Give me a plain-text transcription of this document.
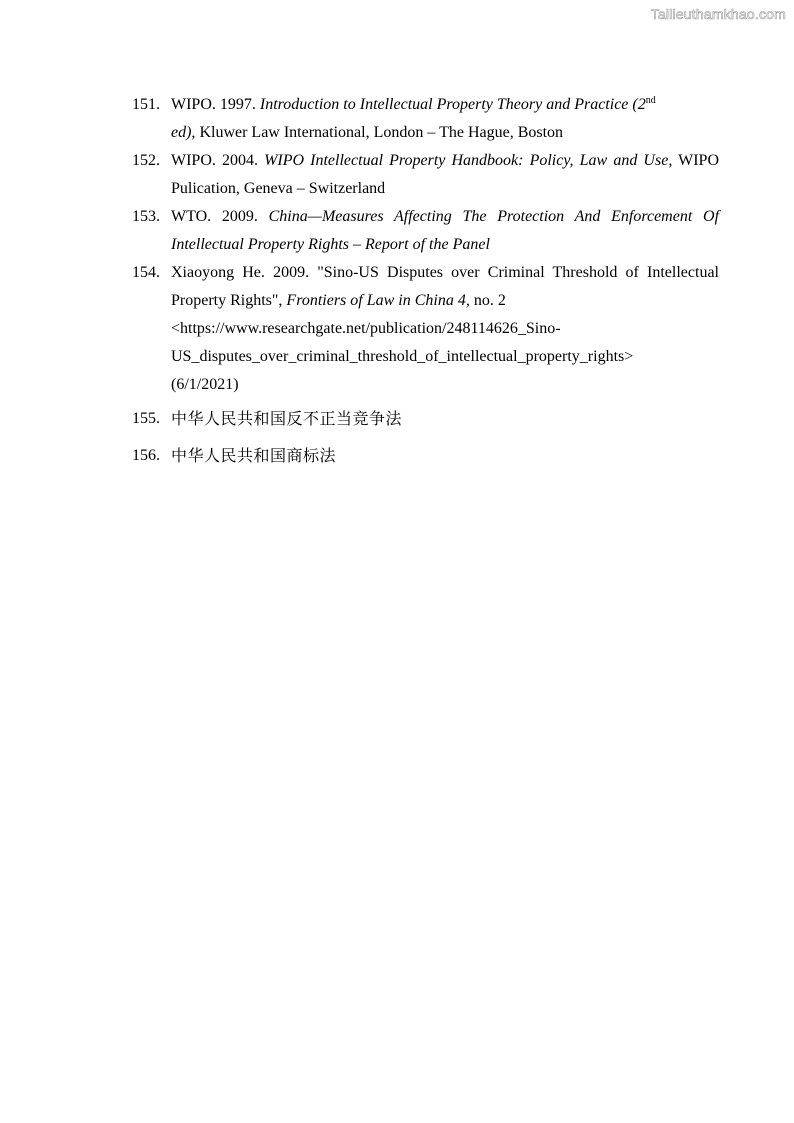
Tailieuthamkhao.com
151. WIPO. 1997. Introduction to Intellectual Property Theory and Practice (2nd
ed), Kluwer Law International, London – The Hague, Boston
152. WIPO. 2004. WIPO Intellectual Property Handbook: Policy, Law and Use, WIPO Pulication, Geneva – Switzerland
153. WTO. 2009. China—Measures Affecting The Protection And Enforcement Of Intellectual Property Rights – Report of the Panel
154. Xiaoyong He. 2009. "Sino-US Disputes over Criminal Threshold of Intellectual Property Rights", Frontiers of Law in China 4, no. 2
<https://www.researchgate.net/publication/248114626_Sino-
US_disputes_over_criminal_threshold_of_intellectual_property_rights>
(6/1/2021)
155. 中华人民共和国反不正当竞争法
156. 中华人民共和国商标法
